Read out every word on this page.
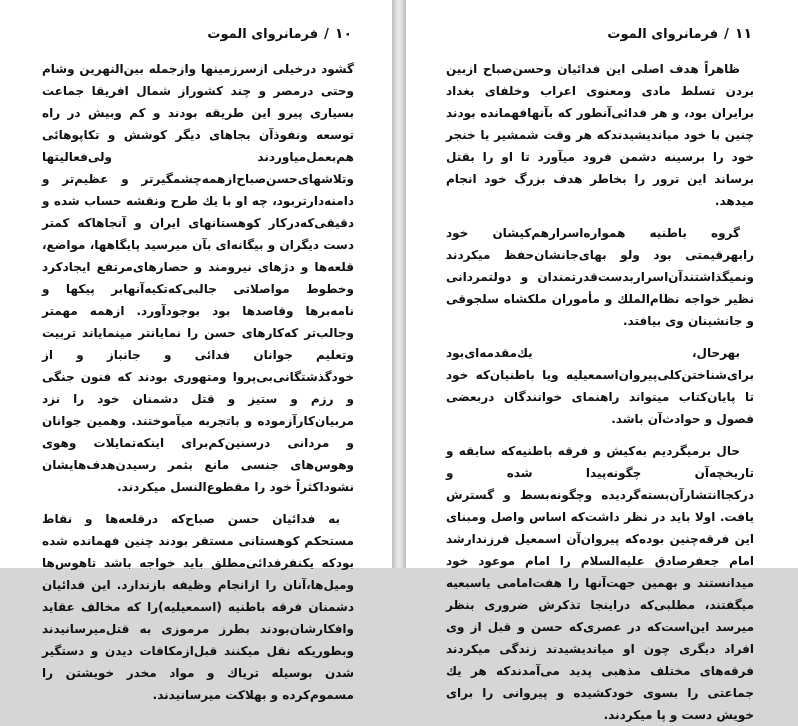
۱۰/فرمانروای الموت

گشود درخیلی ازسرزمینها وازجمله بین‌النهرین وشام وحتی درمصر و چند کشوراز شمال افریقا جماعت بسیاری پیرو این طریقه بودند و کم وبیش در راه توسعه ونفوذآن بجاهای دیگر کوشش و تکاپوهائی هم‌بعمل‌میاوردند ولی‌فعالیتها وتلاشهای‌حسن‌صباح‌ازهمه‌چشمگیرتر و عظیم‌تر و دامنه‌دارتربود، چه او با یك طرح ونقشه حساب شده و دقیقی‌که‌درکار کوهستانهای ایران و آنجاهاکه کمتر دست دیگران و بیگانه‌ای بآن میرسید پایگاهها، مواضع، قلعه‌ها و دژهای نیرومند و حصارهای‌مرتفع ایجادکرد وخطوط مواصلاتی جالبی‌که‌تکیه‌آنهابر پیکها و نامه‌برها وقاصدها بود بوجودآورد. ازهمه مهمتر وجالب‌تر که‌کارهای حسن را نمایانتر مینمایاند تربیت وتعلیم جوانان فدائی و جانباز و از خودگذشتگانی‌بی‌پروا ومتهوری بودند که فنون جنگی و رزم و ستیز و قتل دشمنان خود را نزد مربیان‌کارآزموده و باتجربه میآموختند. وهمین جوانان و مردانی درسنین‌کم‌برای اینکه‌تمایلات وهوی وهوس‌های جنسی مانع بثمر رسیدن‌هدف‌هایشان نشوداکثراً خود را مقطوع‌النسل میکردند.

به فدائیان حسن صباح‌که درقلعه‌ها و نقاط مستحکم کوهستانی مستقر بودند چنین فهمانده شده بودکه یکنفرفدائی‌مطلق باید خواجه باشد تاهوس‌ها ومیل‌ها،آنان را ازانجام وظیفه بازندارد. این فدائیان دشمنان فرقه باطنیه (اسمعیلیه)را که مخالف عقاید وافکارشان‌بودند بطرز مرموزی به قتل‌میرسانیدند وبطوریکه نقل میکنند قبل‌ازمکافات دیدن و دستگیر شدن بوسیله تریاك و مواد مخدر خویشتن را مسموم‌کرده و بهلاکت میرسانیدند.

۱۱/فرمانروای الموت

ظاهراً هدف اصلی این فدائیان وحسن‌صباح ازبین بردن تسلط مادی ومعنوی اعراب وخلفای بغداد برایران بود، و هر فدائی‌آنطور که بآنهافهمانده بودند چنین با خود میاندیشیدند‌که هر وقت شمشیر یا خنجر خود را برسینه دشمن فرود میآورد تا او را بقتل برساند این ترور را بخاطر هدف بزرگ خود انجام میدهد.

گروه باطنیه همواره‌اسرارهم‌کیشان خود رابهرقیمتی بود ولو بهای‌جانشان‌حفظ میکردند ونمیگذاشتندآن‌اسراربدست‌قدرتمندان و دولتمردانی نظیر خواجه نظام‌الملك و مأموران ملکشاه سلجوقی و جانشینان وی بیافتد.

بهرحال، یك‌مقدمه‌ای‌بود برای‌شناختن‌کلی‌پیروان‌اسمعیلیه ویا باطنیان‌که خود تا پایان‌کتاب میتواند راهنمای خوانندگان دربعضی فصول و حوادث‌آن باشد.

حال برمیگردیم به‌کیش و فرقه باطنیه‌که سابقه و تاریخچه‌آن چگونه‌پیدا شده و درکجاانتشارآن‌بسته‌گردیده وچگونه‌بسط و گسترش یافت. اولا باید در نظر داشت‌که اساس واصل ومبنای این فرقه‌چنین بوده‌که پیروان‌آن اسمعیل فرزندارشد امام جعفرصادق علیه‌السلام را امام موعود خود میدانستند و بهمین جهت‌آنها را هفت‌امامی یاسبعیه میگفتند، مطلبی‌که دراینجا تذکرش ضروری بنظر میرسد این‌است‌که در عصری‌که حسن و قبل از وی افراد دیگری چون او میاندیشیدند زندگی میکردند فرقه‌های مختلف مذهبی پدید می‌آمدند‌که هر یك جماعتی را بسوی خودکشیده و پیروانی را برای خویش دست و پا میکردند.
